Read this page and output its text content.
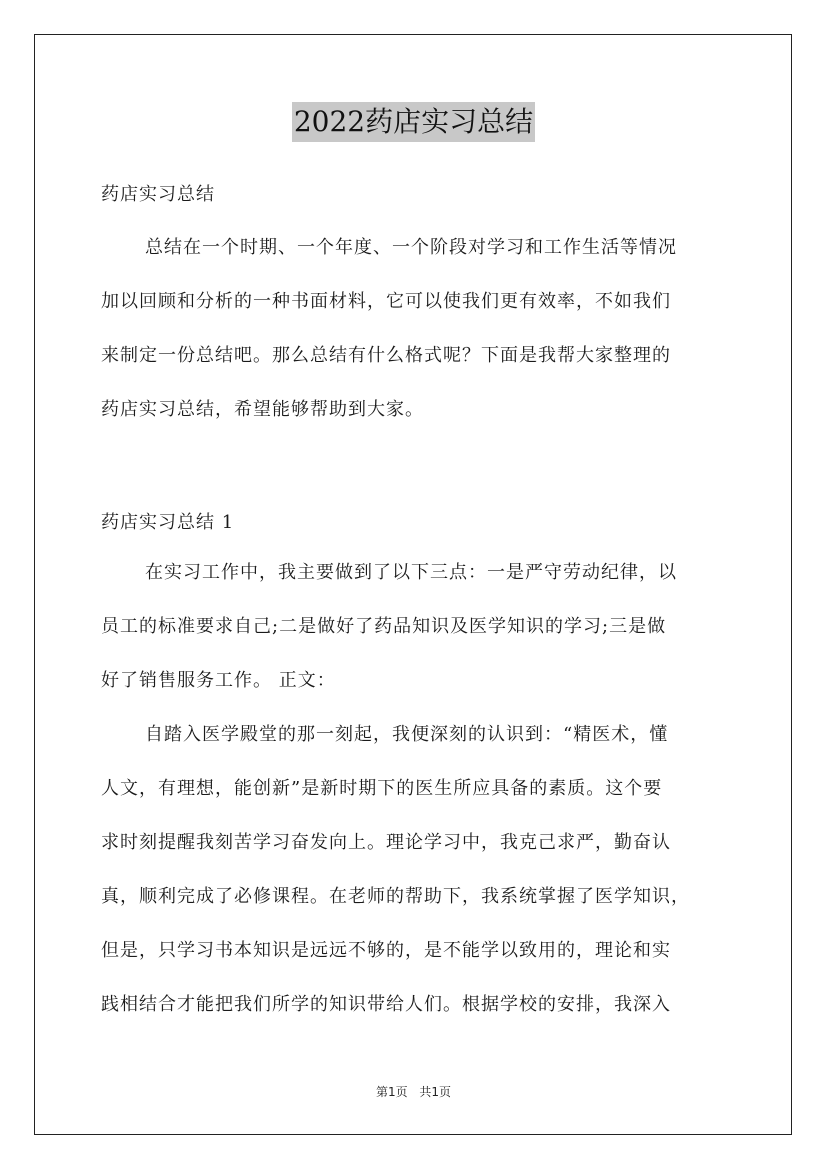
2022药店实习总结
药店实习总结
总结在一个时期、一个年度、一个阶段对学习和工作生活等情况
加以回顾和分析的一种书面材料，它可以使我们更有效率，不如我们
来制定一份总结吧。那么总结有什么格式呢？下面是我帮大家整理的
药店实习总结，希望能够帮助到大家。
药店实习总结 1
在实习工作中，我主要做到了以下三点：一是严守劳动纪律，以
员工的标准要求自己;二是做好了药品知识及医学知识的学习;三是做
好了销售服务工作。 正文：
自踏入医学殿堂的那一刻起，我便深刻的认识到：“精医术，懂
人文，有理想，能创新”是新时期下的医生所应具备的素质。这个要
求时刻提醒我刻苦学习奋发向上。理论学习中，我克己求严，勤奋认
真，顺利完成了必修课程。在老师的帮助下，我系统掌握了医学知识，
但是，只学习书本知识是远远不够的，是不能学以致用的，理论和实
践相结合才能把我们所学的知识带给人们。根据学校的安排，我深入
第1页 共1页
